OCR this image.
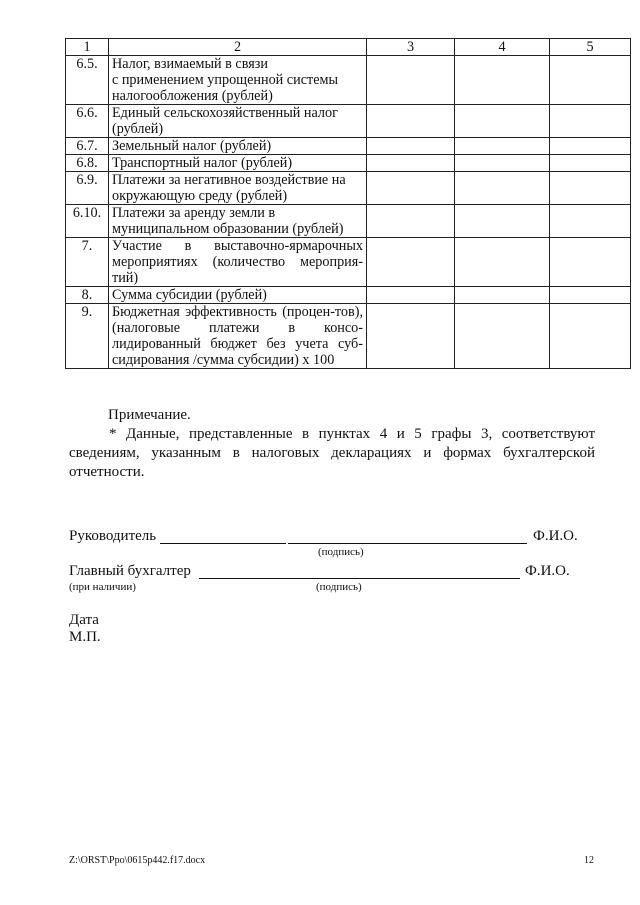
1	2	3	4	5
6.5.	Налог, взимаемый в связи
с применением упрощенной системы
налогообложения (рублей)			
6.6.	Единый сельскохозяйственный налог
(рублей)			
6.7.	Земельный налог (рублей)			
6.8.	Транспортный налог (рублей)			
6.9.	Платежи за негативное воздействие на
окружающую среду (рублей)			
6.10.	Платежи за аренду земли в
муниципальном образовании (рублей)			
7.	Участие в выставочно-ярмарочных мероприятиях (количество мероприя-тий)			
8.	Сумма субсидии (рублей)			
9.	Бюджетная эффективность (процен-тов), (налоговые платежи в консо-лидированный бюджет без учета суб-сидирования /сумма субсидии) х 100			
Примечание.
* Данные, представленные в пунктах 4 и 5 графы 3, соответствуют сведениям, указанным в налоговых декларациях и формах бухгалтерской отчетности.
Руководитель	Ф.И.О.
(подпись)
Главный бухгалтер	Ф.И.О.
(при наличии)	(подпись)
Дата
М.П.
Z:\ORST\Ppo\0615p442.f17.docx	12
